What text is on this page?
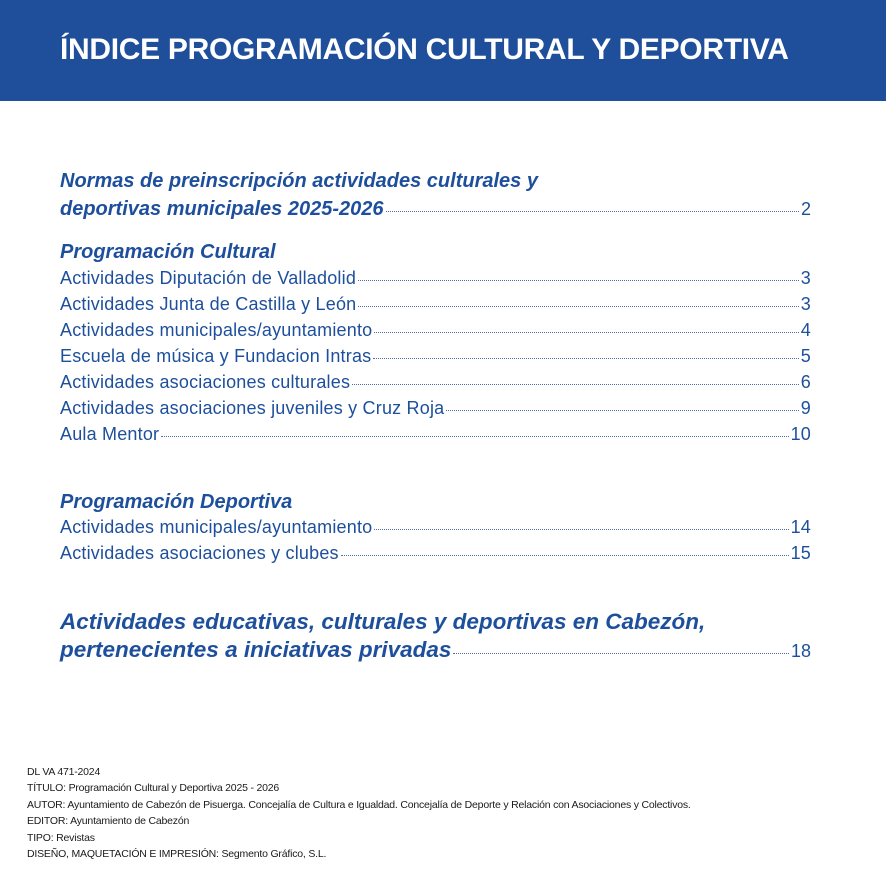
ÍNDICE PROGRAMACIÓN CULTURAL Y DEPORTIVA
Normas de preinscripción actividades culturales y
deportivas municipales 2025-2026	2
Programación Cultural
Actividades Diputación de Valladolid	3
Actividades Junta de Castilla y León	3
Actividades municipales/ayuntamiento	4
Escuela de música y Fundacion Intras	5
Actividades asociaciones culturales	6
Actividades asociaciones juveniles y Cruz Roja	9
Aula Mentor	10
Programación Deportiva
Actividades municipales/ayuntamiento	14
Actividades asociaciones y clubes	15
Actividades educativas, culturales y deportivas en Cabezón,
pertenecientes a iniciativas privadas	18
DL VA 471-2024
TÍTULO: Programación Cultural y Deportiva 2025 - 2026
AUTOR: Ayuntamiento de Cabezón de Pisuerga. Concejalía de Cultura e Igualdad. Concejalía de Deporte y Relación con Asociaciones y Colectivos.
EDITOR: Ayuntamiento de Cabezón
TIPO: Revistas
DISEÑO, MAQUETACIÓN E IMPRESIÓN: Segmento Gráfico, S.L.
